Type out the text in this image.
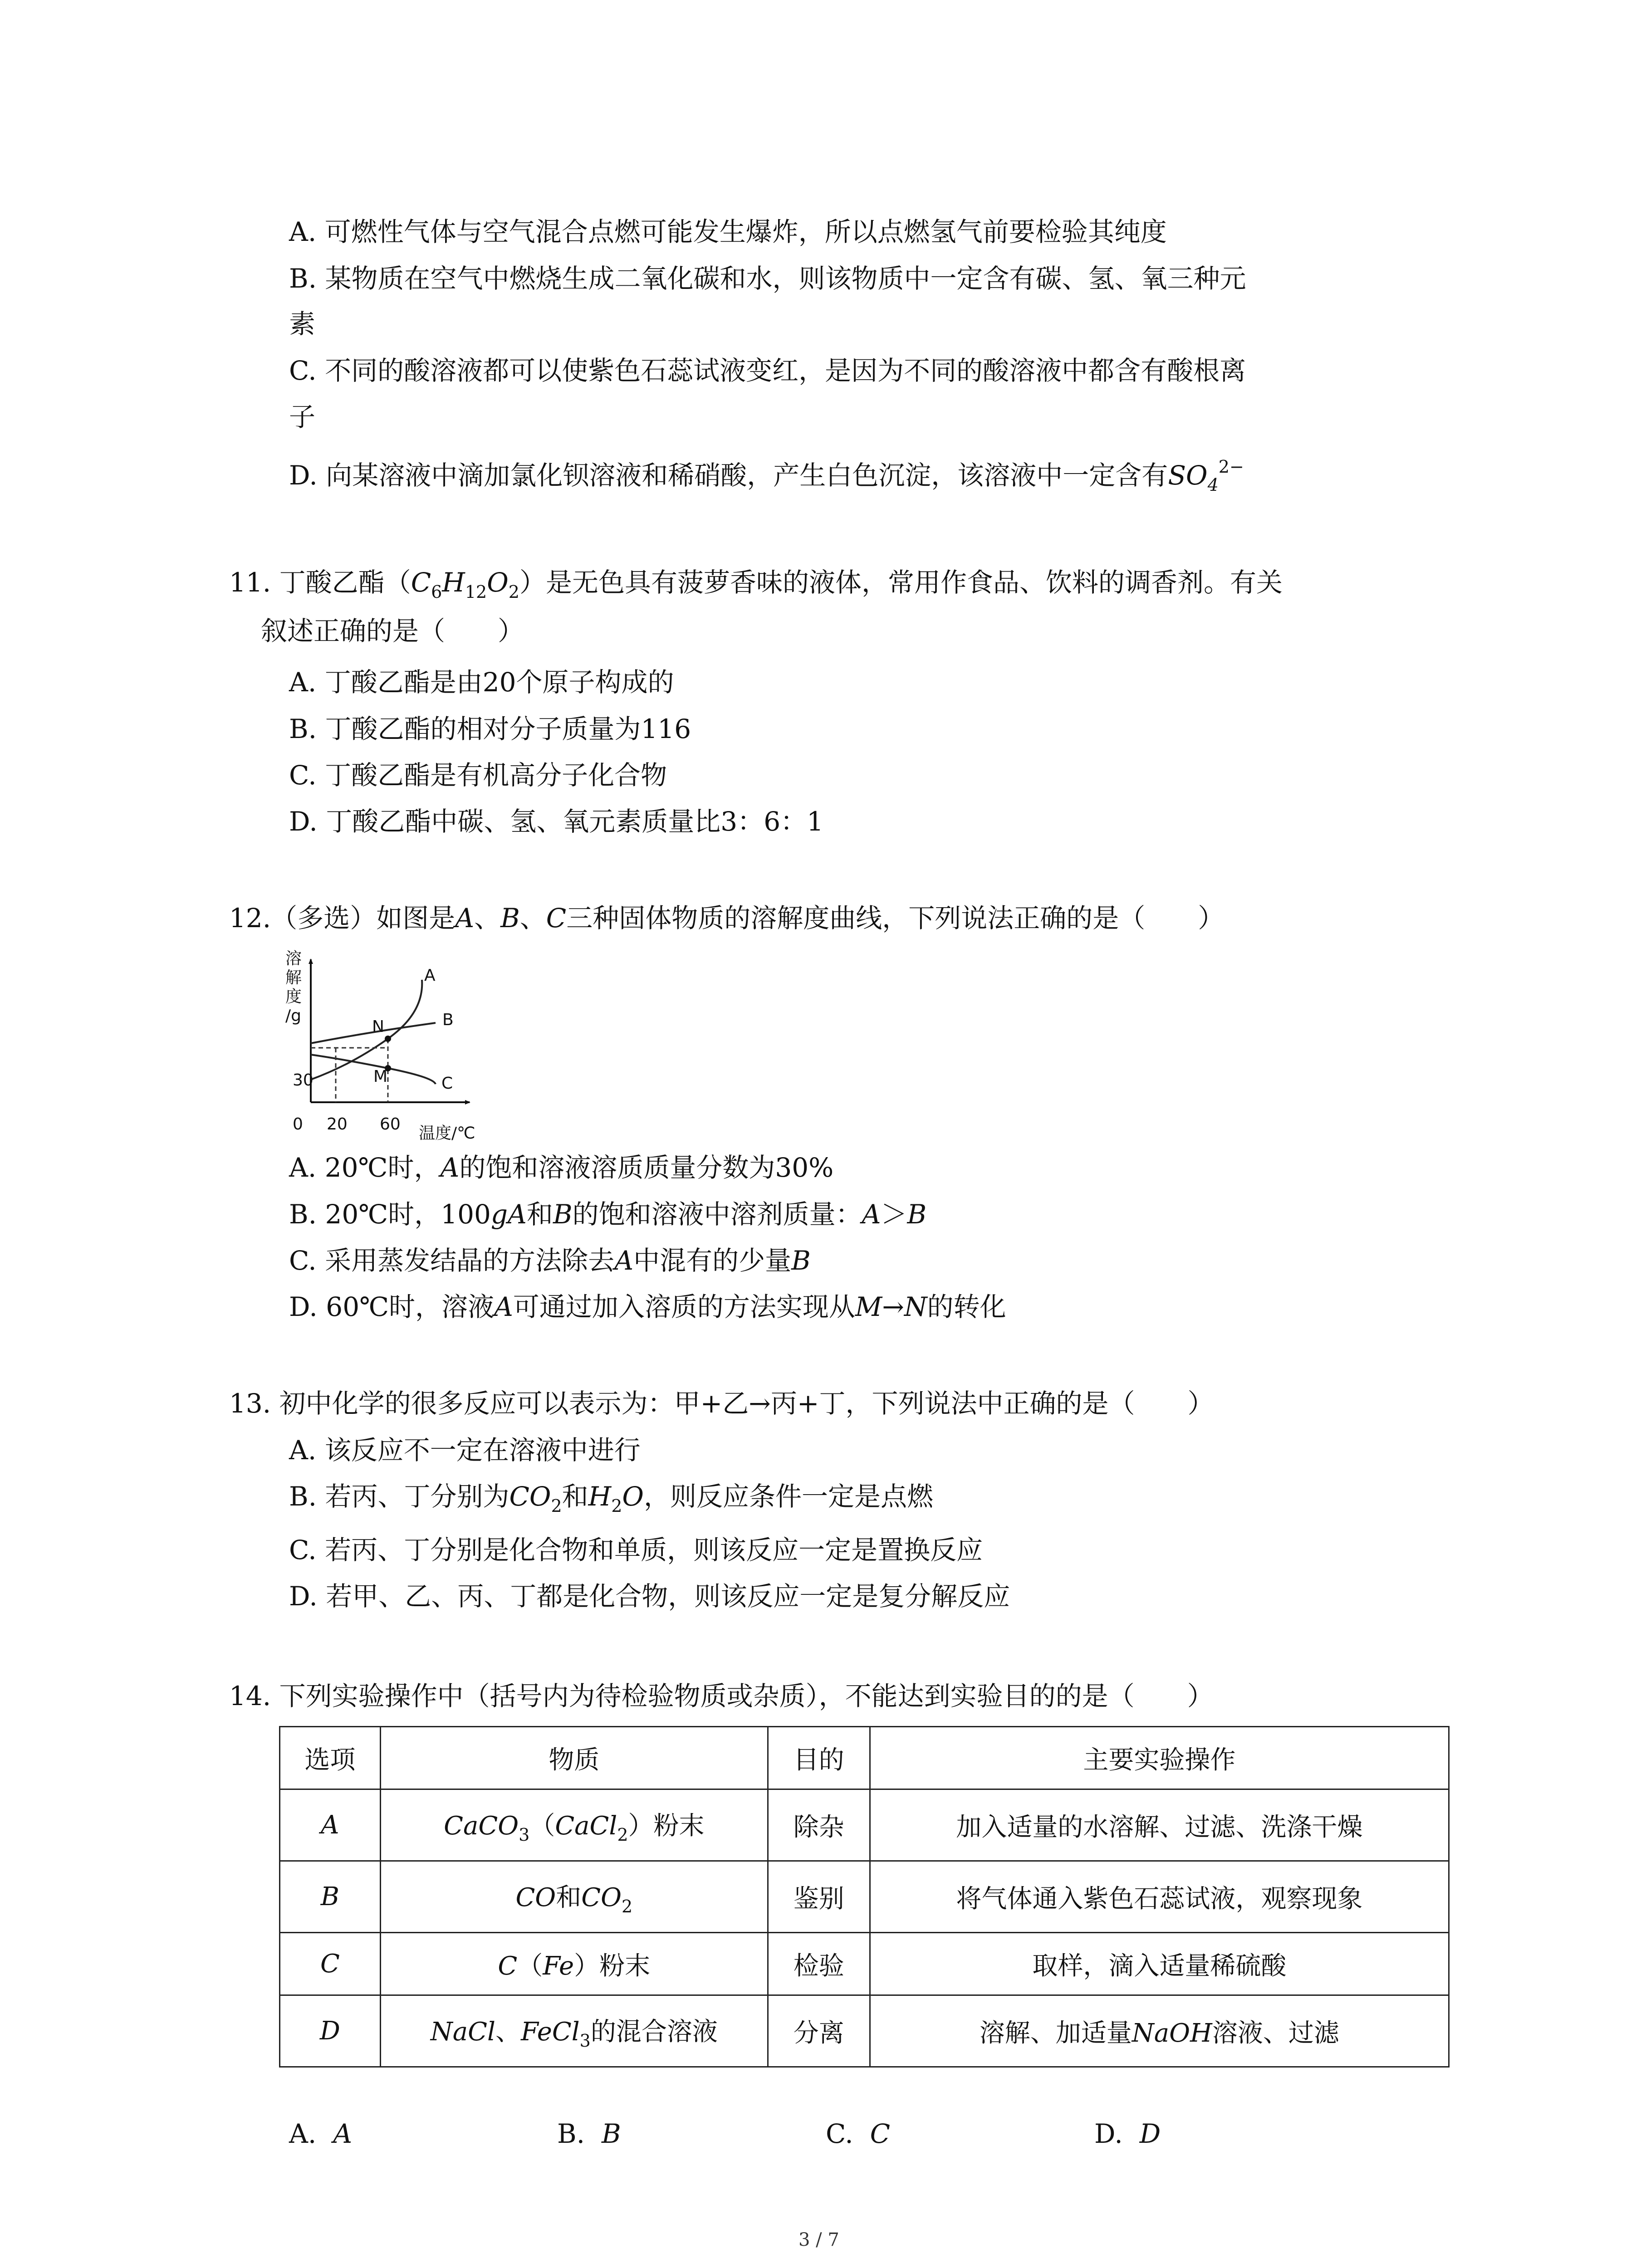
A. 可燃性气体与空气混合点燃可能发生爆炸，所以点燃氢气前要检验其纯度
B. 某物质在空气中燃烧生成二氧化碳和水，则该物质中一定含有碳、氢、氧三种元
素
C. 不同的酸溶液都可以使紫色石蕊试液变红，是因为不同的酸溶液中都含有酸根离
子
D. 向某溶液中滴加氯化钡溶液和稀硝酸，产生白色沉淀，该溶液中一定含有$SO_4^{2-}$
11. 丁酸乙酯$(C_6H_{12}O_2)$是无色具有菠萝香味的液体，常用作食品、饮料的调香剂。有关
叙述正确的是（　　）
A. 丁酸乙酯是由20个原子构成的
B. 丁酸乙酯的相对分子质量为116
C. 丁酸乙酯是有机高分子化合物
D. 丁酸乙酯中碳、氢、氧元素质量比3：6：1
12.（多选）如图是A、B、C三种固体物质的溶解度曲线，下列说法正确的是（　　）
溶
解
度
/g
A
B
C
N
M
30
0 20 60 温度/℃
A. 20℃时，A的饱和溶液溶质质量分数为30%
B. 20℃时，100gA和B的饱和溶液中溶剂质量：A＞B
C. 采用蒸发结晶的方法除去A中混有的少量B
D. 60℃时，溶液A可通过加入溶质的方法实现从M→N的转化
13. 初中化学的很多反应可以表示为：甲+乙→丙+丁，下列说法中正确的是（　　）
A. 该反应不一定在溶液中进行
B. 若丙、丁分别为$CO_2$和$H_2O$，则反应条件一定是点燃
C. 若丙、丁分别是化合物和单质，则该反应一定是置换反应
D. 若甲、乙、丙、丁都是化合物，则该反应一定是复分解反应
14. 下列实验操作中（括号内为待检验物质或杂质），不能达到实验目的的是（　　）
选项	物质	目的	主要实验操作
A	CaCO$_3$（CaCl$_2$）粉末	除杂	加入适量的水溶解、过滤、洗涤干燥
B	CO和$CO_2$	鉴别	将气体通入紫色石蕊试液，观察现象
C	C（Fe）粉末	检验	取样，滴入适量稀硫酸
D	NaCl、FeCl$_3$的混合溶液	分离	溶解、加适量NaOH溶液、过滤
A. A	B. B	C. C	D. D
3 / 7
